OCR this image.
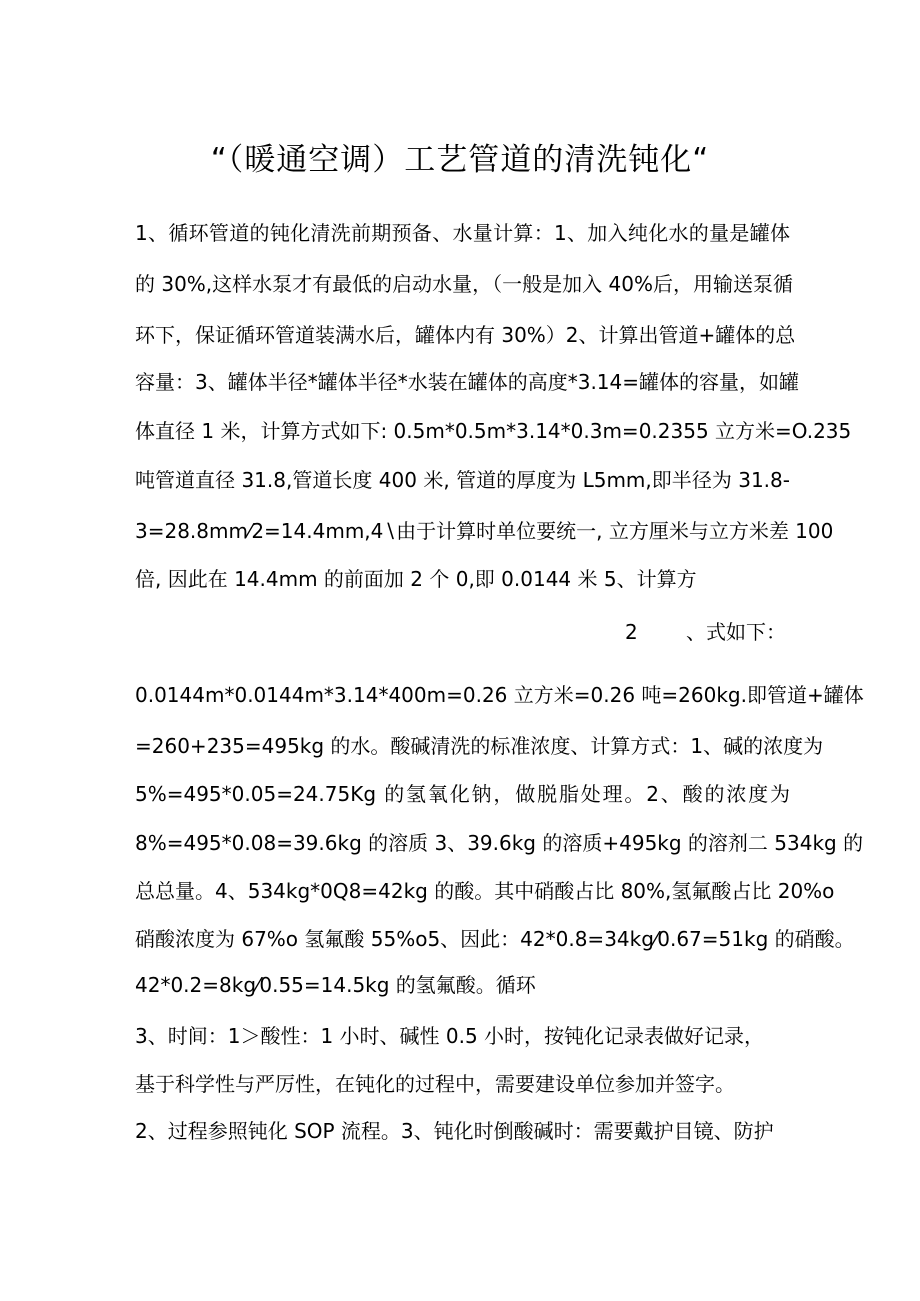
“（暖通空调）工艺管道的清洗钝化“
1、循环管道的钝化清洗前期预备、水量计算：1、加入纯化水的量是罐体
的 30%,这样水泵才有最低的启动水量，（一般是加入 40%后，用输送泵循
环下，保证循环管道装满水后，罐体内有 30%）2、计算出管道+罐体的总
容量：3、罐体半径*罐体半径*水装在罐体的高度*3.14=罐体的容量，如罐
体直径 1 米，计算方式如下: 0.5m*0.5m*3.14*0.3m=0.2355 立方米=O.235
吨管道直径 31.8,管道长度 400 米, 管道的厚度为 L5mm,即半径为 31.8-
3=28.8mm⁄2=14.4mm,4∖由于计算时单位要统一, 立方厘米与立方米差 100
倍, 因此在 14.4mm 的前面加 2 个 0,即 0.0144 米 5、计算方
2 、式如下：
0.0144m*0.0144m*3.14*400m=0.26 立方米=0.26 吨=260kg.即管道+罐体
=260+235=495kg 的水。酸碱清洗的标准浓度、计算方式：1、碱的浓度为
5%=495*0.05=24.75Kg 的氢氧化钠，做脱脂处理。2、酸的浓度为
8%=495*0.08=39.6kg 的溶质 3、39.6kg 的溶质+495kg 的溶剂二 534kg 的
总总量。4、534kg*0Q8=42kg 的酸。其中硝酸占比 80%,氢氟酸占比 20%o
硝酸浓度为 67%o 氢氟酸 55%o5、因此：42*0.8=34kg⁄0.67=51kg 的硝酸。
42*0.2=8kg⁄0.55=14.5kg 的氢氟酸。循环
3、时间：1＞酸性：1 小时、碱性 0.5 小时，按钝化记录表做好记录，
基于科学性与严厉性，在钝化的过程中，需要建设单位参加并签字。
2、过程参照钝化 SOP 流程。3、钝化时倒酸碱时：需要戴护目镜、防护
